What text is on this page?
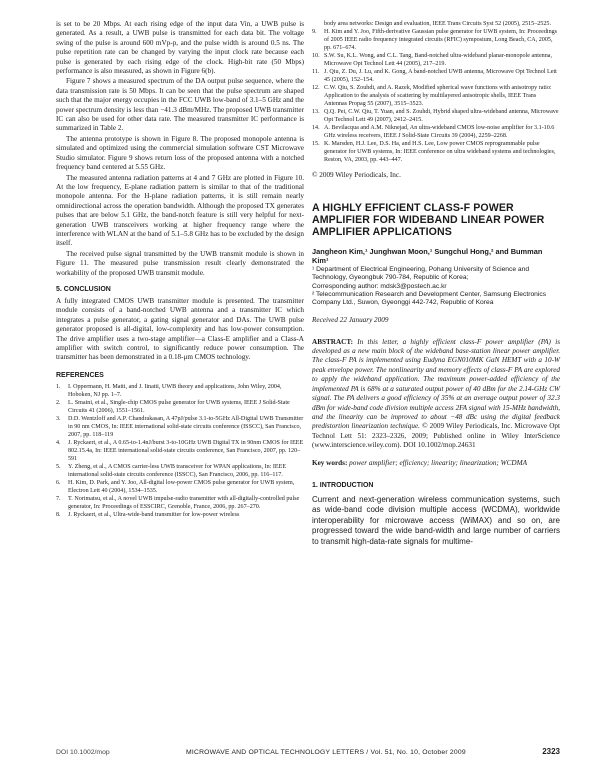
is set to be 20 Mbps. At each rising edge of the input data Vin, a UWB pulse is generated. As a result, a UWB pulse is transmitted for each data bit. The voltage swing of the pulse is around 600 mVp-p, and the pulse width is around 0.5 ns. The pulse repetition rate can be changed by varying the input clock rate because each pulse is generated by each rising edge of the clock. High-bit rate (50 Mbps) performance is also measured, as shown in Figure 6(b).

Figure 7 shows a measured spectrum of the DA output pulse sequence, where the data transmission rate is 50 Mbps. It can be seen that the pulse spectrum are shaped such that the major energy occupies in the FCC UWB low-band of 3.1–5 GHz and the power spectrum density is less than −41.3 dBm/MHz. The proposed UWB transmitter IC can also be used for other data rate. The measured transmitter IC performance is summarized in Table 2.

The antenna prototype is shown in Figure 8. The proposed monopole antenna is simulated and optimized using the commercial simulation software CST Microwave Studio simulator. Figure 9 shows return loss of the proposed antenna with a notched frequency band centered at 5.55 GHz.

The measured antenna radiation patterns at 4 and 7 GHz are plotted in Figure 10. At the low frequency, E-plane radiation pattern is similar to that of the traditional monopole antenna. For the H-plane radiation patterns, it is still remain nearly omnidirectional across the operation bandwidth. Although the proposed TX generates pulses that are below 5.1 GHz, the band-notch feature is still very helpful for next-generation UWB transceivers working at higher frequency range where the interference with WLAN at the band of 5.1–5.8 GHz has to be excluded by the design itself.

The received pulse signal transmitted by the UWB transmit module is shown in Figure 11. The measured pulse transmission result clearly demonstrated the workability of the proposed UWB transmit module.

5. CONCLUSION

A fully integrated CMOS UWB transmitter module is presented. The transmitter module consists of a band-notched UWB antenna and a transmitter IC which integrates a pulse generator, a gating signal generator and DAs. The UWB pulse generator proposed is all-digital, low-complexity and has low-power consumption. The drive amplifier uses a two-stage amplifier—a Class-E amplifier and a Class-A amplifier with switch control, to significantly reduce power consumption. The transmitter has been demonstrated in a 0.18-μm CMOS technology.

REFERENCES

1.	I. Oppermann, H. Matti, and J. Iinatti, UWB theory and applications, John Wiley, 2004, Hoboken, NJ pp. 1–7.
2.	L. Smaini, et al., Single-chip CMOS pulse generator for UWB systems, IEEE J Solid-State Circuits 41 (2006), 1551–1561.
3.	D.D. Wentzloff and A.P. Chandrakasan, A 47pJ/pulse 3.1-to-5GHz All-Digital UWB Transmitter in 90 nm CMOS, In: IEEE international solid-state circuits conference (ISSCC), San Francisco, 2007, pp. 118–119
4.	J. Ryckaert, et al., A 0.65-to-1.4nJ/burst 3-to-10GHz UWB Digital TX in 90nm CMOS for IEEE 802.15.4a, In: IEEE international solid-state circuits conference, San Francisco, 2007, pp. 120–591
5.	Y. Zheng, et al., A CMOS carrier-less UWB transceiver for WPAN applications, In: IEEE international solid-state circuits conference (ISSCC), San Francisco, 2006, pp. 116–117.
6.	H. Kim, D. Park, and Y. Joo, All-digital low-power CMOS pulse generator for UWB system, Electron Lett 40 (2004), 1534–1535.
7.	T. Norimatsu, et al., A novel UWB impulse-radio transmitter with all-digitally-controlled pulse generator, In: Proceedings of ESSCIRC, Grenoble, France, 2006, pp. 267–270.
8.	J. Ryckaert, et al., Ultra-wide-band transmitter for low-power wireless
body area networks: Design and evaluation, IEEE Trans Circuits Syst 52 (2005), 2515–2525.
9.	H. Kim and Y. Joo, Fifth-derivative Gaussian pulse generator for UWB system, In: Proceedings of 2005 IEEE radio frequency integrated circuits (RFIC) symposium, Long Beach, CA, 2005, pp. 671–674.
10. S.W. Su, K.L. Wong, and C.L. Tang, Band-notched ultra-wideband planar-monopole antenna, Microwave Opt Technol Lett 44 (2005), 217–219.
11. J. Qiu, Z. Du, J. Lu, and K. Gong, A band-notched UWB antenna, Microwave Opt Technol Lett 45 (2005), 152–154.
12. C.W. Qiu, S. Zouhdi, and A. Razek, Modified spherical wave functions with anisotropy ratio: Application to the analysis of scattering by multilayered anisotropic shells, IEEE Trans Antennas Propag 55 (2007), 3515–3523.
13. Q.Q. Pei, C.W. Qiu, T. Yuan, and S. Zouhdi, Hybrid shaped ultra-wideband antenna, Microwave Opt Technol Lett 49 (2007), 2412–2415.
14. A. Bevilacqua and A.M. Niknejad, An ultra-wideband CMOS low-noise amplifier for 3.1-10.6 GHz wireless receivers, IEEE J Solid-State Circuits 39 (2004), 2259–2268.
15. K. Marsden, H.J. Lee, D.S. Ha, and H.S. Lee, Low power CMOS reprogrammable pulse generator for UWB systems, In: IEEE conference on ultra wideband systems and technologies, Reston, VA, 2003, pp. 443–447.

© 2009 Wiley Periodicals, Inc.

A HIGHLY EFFICIENT CLASS-F POWER AMPLIFIER FOR WIDEBAND LINEAR POWER AMPLIFIER APPLICATIONS

Jangheon Kim,¹ Junghwan Moon,¹ Sungchul Hong,² and Bumman Kim¹

¹ Department of Electrical Engineering, Pohang University of Science and Technology, Gyeongbuk 790-784, Republic of Korea;

Corresponding author: mdsk3@postech.ac.kr

² Telecommunication Research and Development Center, Samsung Electronics Company Ltd., Suwon, Gyeonggi 442-742, Republic of Korea

Received 22 January 2009

ABSTRACT: In this letter, a highly efficient class-F power amplifier (PA) is developed as a new main block of the wideband base-station linear power amplifier. The class-F PA is implemented using Eudyna EGN010MK GaN HEMT with a 10-W peak envelope power. The nonlinearity and memory effects of class-F PA are explored to apply the wideband application. The maximum power-added efficiency of the implemented PA is 68% at a saturated output power of 40 dBm for the 2.14-GHz CW signal. The PA delivers a good efficiency of 35% at an average output power of 32.3 dBm for wide-band code division multiple access 2FA signal with 15-MHz bandwidth, and the linearity can be improved to about −48 dBc using the digital feedback predistortion linearization technique. © 2009 Wiley Periodicals, Inc. Microwave Opt Technol Lett 51: 2323–2326, 2009; Published online in Wiley InterScience (www.interscience.wiley.com). DOI 10.1002/mop.24631

Key words: power amplifier; efficiency; linearity; linearization; WCDMA

1. INTRODUCTION

Current and next-generation wireless communication systems, such as wide-band code division multiple access (WCDMA), worldwide interoperability for microwave access (WiMAX) and so on, are progressed toward the wide band-width and large number of carriers to transmit high-data-rate signals for multime-

DOI 10.1002/mop	MICROWAVE AND OPTICAL TECHNOLOGY LETTERS / Vol. 51, No. 10, October 2009	2323
